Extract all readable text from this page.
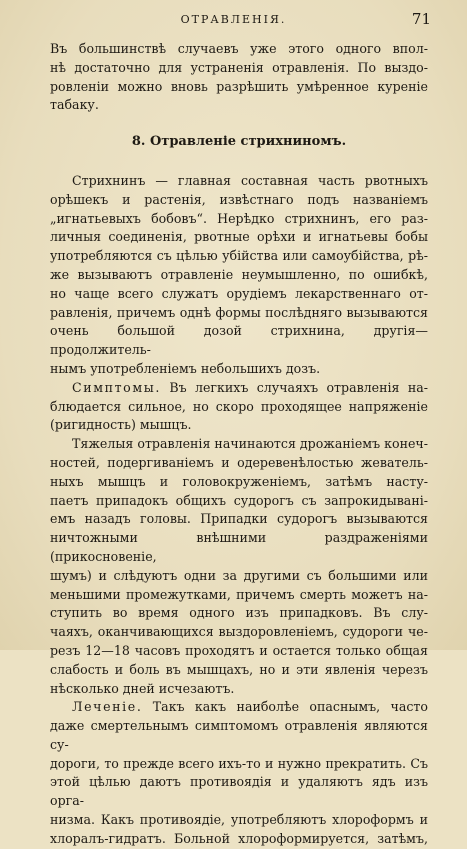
ОТРАВЛЕНІЯ.	71

Въ большинствѣ случаевъ уже этого одного впол-

нѣ достаточно для устраненія отравленія. По выздо-

ровленіи можно вновь разрѣшить умѣренное куреніе

табаку.

8. Отравленіе стрихниномъ.

Стрихнинъ — главная составная часть рвотныхъ

орѣшекъ и растенія, извѣстнаго подъ названіемъ

„игнатьевыхъ бобовъ“. Нерѣдко стрихнинъ, его раз-

личныя соединенія, рвотные орѣхи и игнатьевы бобы

употребляются съ цѣлью убійства или самоубійства, рѣ-

же вызываютъ отравленіе неумышленно, по ошибкѣ,

но чаще всего служатъ орудіемъ лекарственнаго от-

равленія, причемъ однѣ формы послѣдняго вызываются

очень большой дозой стрихнина, другія—продолжитель-

нымъ употребленіемъ небольшихъ дозъ.

Симптомы. Въ легкихъ случаяхъ отравленія на-

блюдается сильное, но скоро проходящее напряженіе

(ригидность) мышцъ.

Тяжелыя отравленія начинаются дрожаніемъ конеч-

ностей, подергиваніемъ и одеревенѣлостью жеватель-

ныхъ мышцъ и головокруженіемъ, затѣмъ насту-

паетъ припадокъ общихъ судорогъ съ запрокидывані-

емъ назадъ головы. Припадки судорогъ вызываются

ничтожными внѣшними раздраженіями (прикосновеніе,

шумъ) и слѣдуютъ одни за другими съ большими или

меньшими промежутками, причемъ смерть можетъ на-

ступить во время одного изъ припадковъ. Въ слу-

чаяхъ, оканчивающихся выздоровленіемъ, судороги че-

резъ 12—18 часовъ проходятъ и остается только общая

слабость и боль въ мышцахъ, но и эти явленія черезъ

нѣсколько дней исчезаютъ.

Леченіе. Такъ какъ наиболѣе опаснымъ, часто

даже смертельнымъ симптомомъ отравленія являются су-

дороги, то прежде всего ихъ-то и нужно прекратить. Съ

этой цѣлью даютъ противоядія и удаляютъ ядъ изъ орга-

низма. Какъ противоядіе, употребляютъ хлороформъ и

хлоралъ-гидратъ. Больной хлороформируется, затѣмъ,
